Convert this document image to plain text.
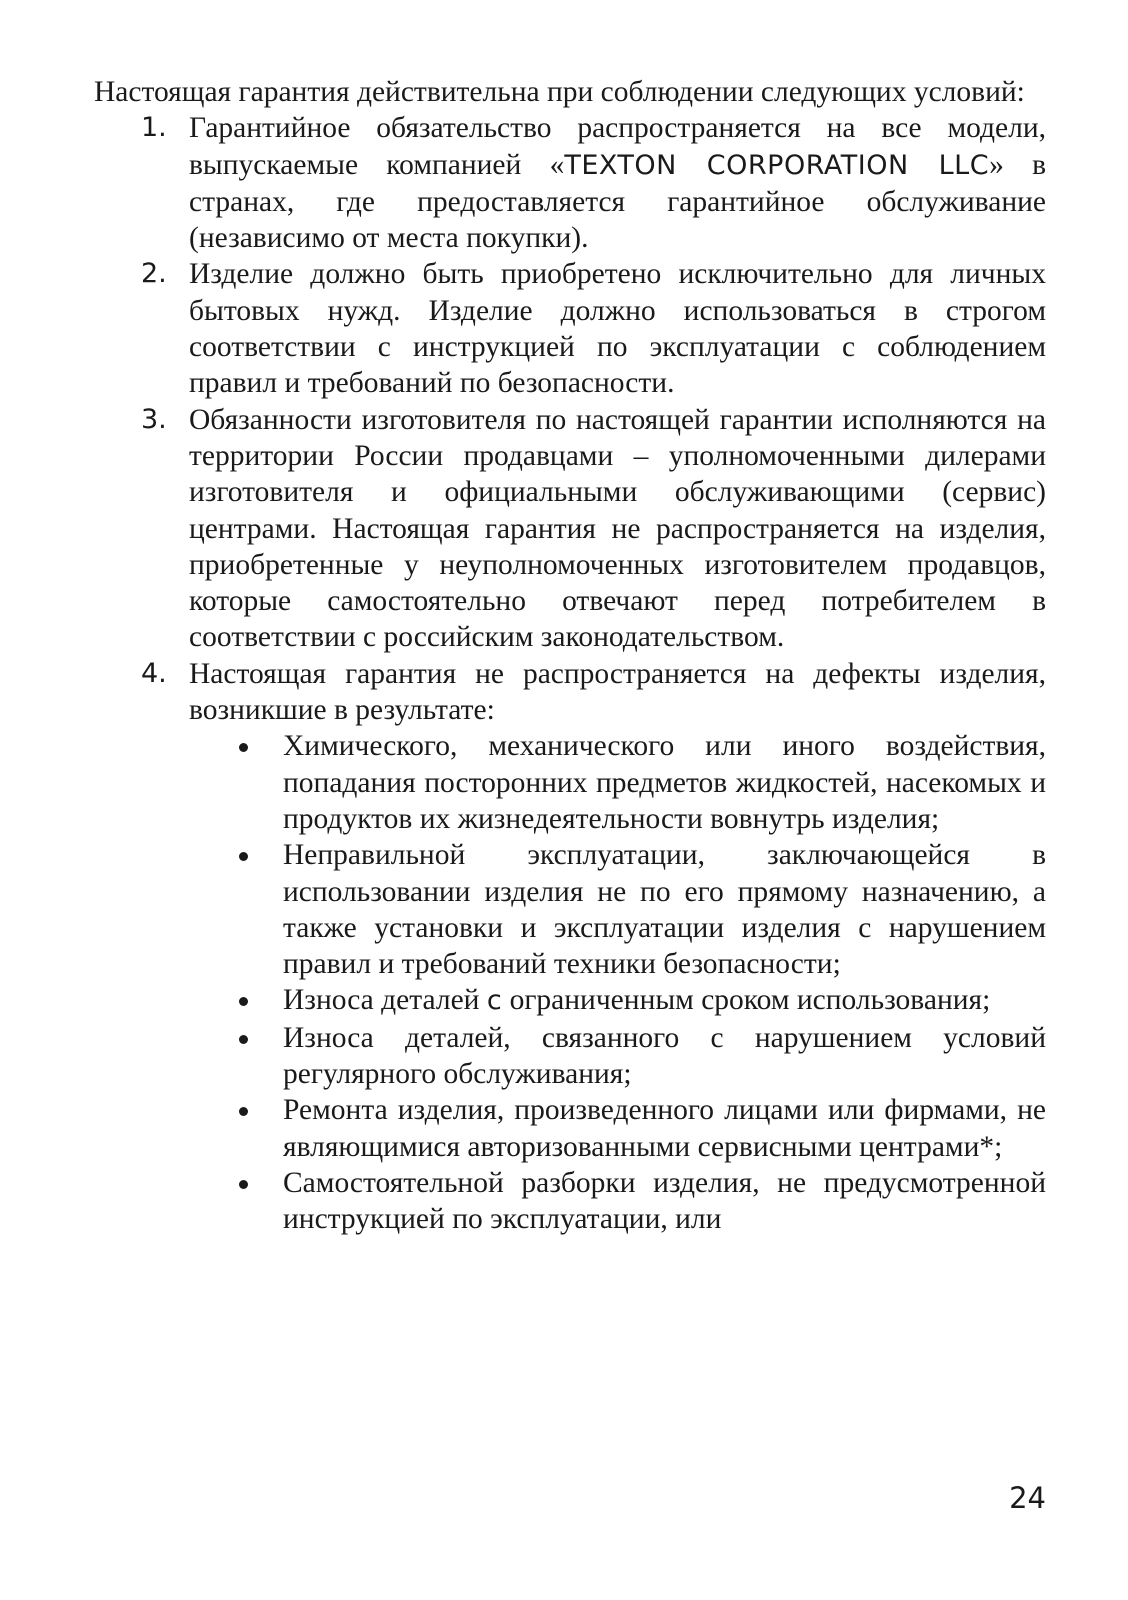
Настоящая гарантия действительна при соблюдении следующих условий:

1. Гарантийное обязательство распространяется на все модели, выпускаемые компанией «TEXTON CORPORATION LLC» в странах, где предоставляется гарантийное обслуживание (независимо от места покупки).
2. Изделие должно быть приобретено исключительно для личных бытовых нужд. Изделие должно использоваться в строгом соответствии с инструкцией по эксплуатации с соблюдением правил и требований по безопасности.
3. Обязанности изготовителя по настоящей гарантии исполняются на территории России продавцами – уполномоченными дилерами изготовителя и официальными обслуживающими (сервис) центрами. Настоящая гарантия не распространяется на изделия, приобретенные у неуполномоченных изготовителем продавцов, которые самостоятельно отвечают перед потребителем в соответствии с российским законодательством.
4. Настоящая гарантия не распространяется на дефекты изделия, возникшие в результате:
Химического, механического или иного воздействия, попадания посторонних предметов жидкостей, насекомых и продуктов их жизнедеятельности вовнутрь изделия;
Неправильной эксплуатации, заключающейся в использовании изделия не по его прямому назначению, а также установки и эксплуатации изделия с нарушением правил и требований техники безопасности;
Износа деталей с ограниченным сроком использования;
Износа деталей, связанного с нарушением условий регулярного обслуживания;
Ремонта изделия, произведенного лицами или фирмами, не являющимися авторизованными сервисными центрами*;
Самостоятельной разборки изделия, не предусмотренной инструкцией по эксплуатации, или
24
